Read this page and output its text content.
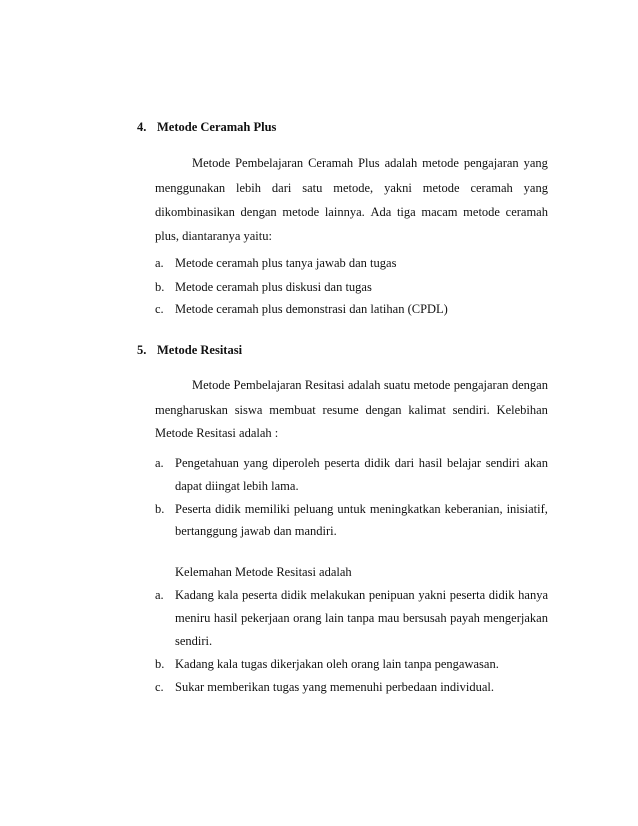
4. Metode Ceramah Plus
Metode Pembelajaran Ceramah Plus adalah metode pengajaran yang
menggunakan lebih dari satu metode, yakni metode ceramah yang
dikombinasikan dengan metode lainnya. Ada tiga macam metode ceramah
plus, diantaranya yaitu:
a. Metode ceramah plus tanya jawab dan tugas
b. Metode ceramah plus diskusi dan tugas
c. Metode ceramah plus demonstrasi dan latihan (CPDL)
5. Metode Resitasi
Metode Pembelajaran Resitasi adalah suatu metode pengajaran dengan
mengharuskan siswa membuat resume dengan kalimat sendiri. Kelebihan
Metode Resitasi adalah :
a. Pengetahuan yang diperoleh peserta didik dari hasil belajar sendiri akan
dapat diingat lebih lama.
b. Peserta didik memiliki peluang untuk meningkatkan keberanian, inisiatif,
bertanggung jawab dan mandiri.
Kelemahan Metode Resitasi adalah
a. Kadang kala peserta didik melakukan penipuan yakni peserta didik hanya
meniru hasil pekerjaan orang lain tanpa mau bersusah payah mengerjakan
sendiri.
b. Kadang kala tugas dikerjakan oleh orang lain tanpa pengawasan.
c. Sukar memberikan tugas yang memenuhi perbedaan individual.
